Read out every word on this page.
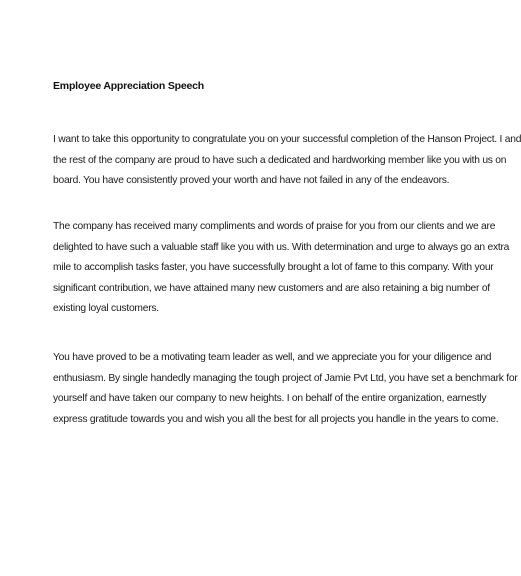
Employee Appreciation Speech

I want to take this opportunity to congratulate you on your successful completion of the Hanson Project. I and
the rest of the company are proud to have such a dedicated and hardworking member like you with us on
board. You have consistently proved your worth and have not failed in any of the endeavors.

The company has received many compliments and words of praise for you from our clients and we are
delighted to have such a valuable staff like you with us. With determination and urge to always go an extra
mile to accomplish tasks faster, you have successfully brought a lot of fame to this company. With your
significant contribution, we have attained many new customers and are also retaining a big number of
existing loyal customers.

You have proved to be a motivating team leader as well, and we appreciate you for your diligence and
enthusiasm. By single handedly managing the tough project of Jamie Pvt Ltd, you have set a benchmark for
yourself and have taken our company to new heights. I on behalf of the entire organization, earnestly
express gratitude towards you and wish you all the best for all projects you handle in the years to come.
